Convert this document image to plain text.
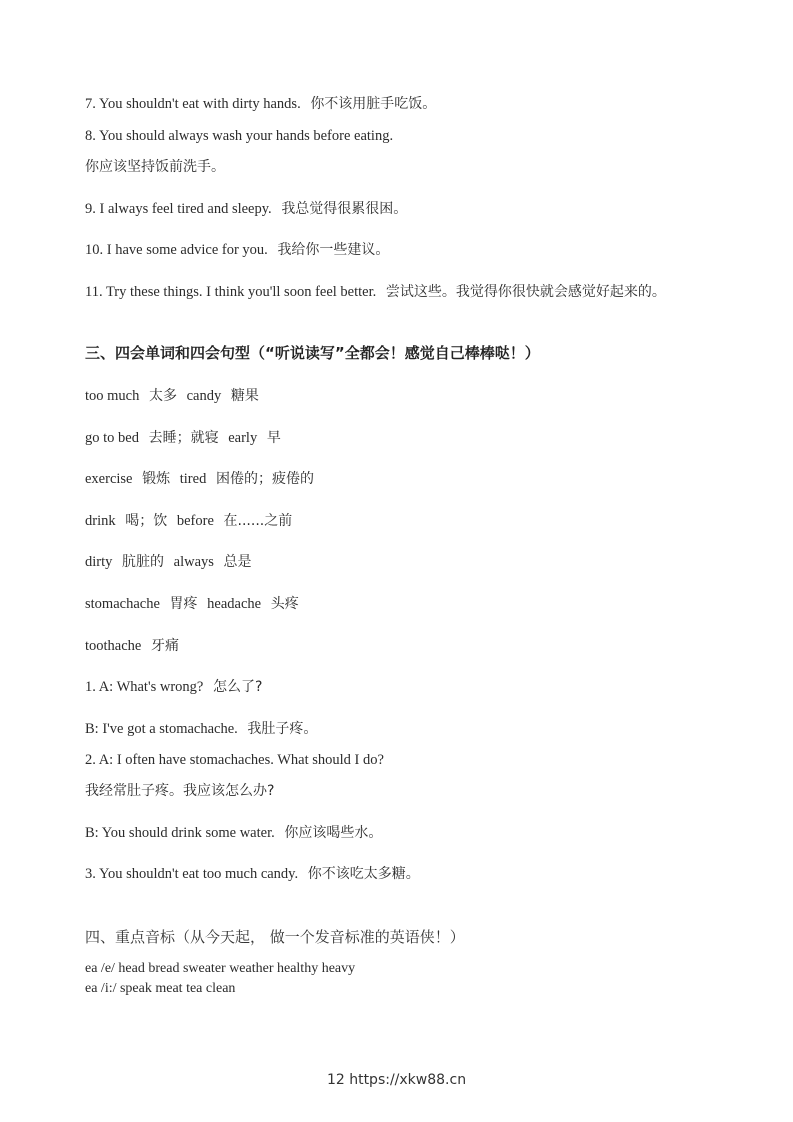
7. You shouldn't eat with dirty hands. 你不该用脏手吃饭。
8. You should always wash your hands before eating.
你应该坚持饭前洗手。
9. I always feel tired and sleepy. 我总觉得很累很困。
10. I have some advice for you. 我给你一些建议。
11. Try these things. I think you'll soon feel better. 尝试这些。我觉得你很快就会感觉好起来的。
三、四会单词和四会句型（“听说读写”全都会！感觉自己棒棒哒！）
too much 太多 candy 糖果
go to bed 去睡；就寝 early 早
exercise 锻炼 tired 困倦的；疲倦的
drink 喝；饮 before 在......之前
dirty 肮脏的 always 总是
stomachache 胃疼 headache 头疼
toothache 牙痛
1. A: What's wrong? 怎么了?
B: I've got a stomachache. 我肚子疼。
2. A: I often have stomachaches. What should I do?
我经常肚子疼。我应该怎么办?
B: You should drink some water. 你应该喝些水。
3. You shouldn't eat too much candy. 你不该吃太多糖。
四、重点音标（从今天起， 做一个发音标准的英语侠！）
ea /e/ head bread sweater weather healthy heavy
ea /i:/ speak meat tea clean
12 https://xkw88.cn
